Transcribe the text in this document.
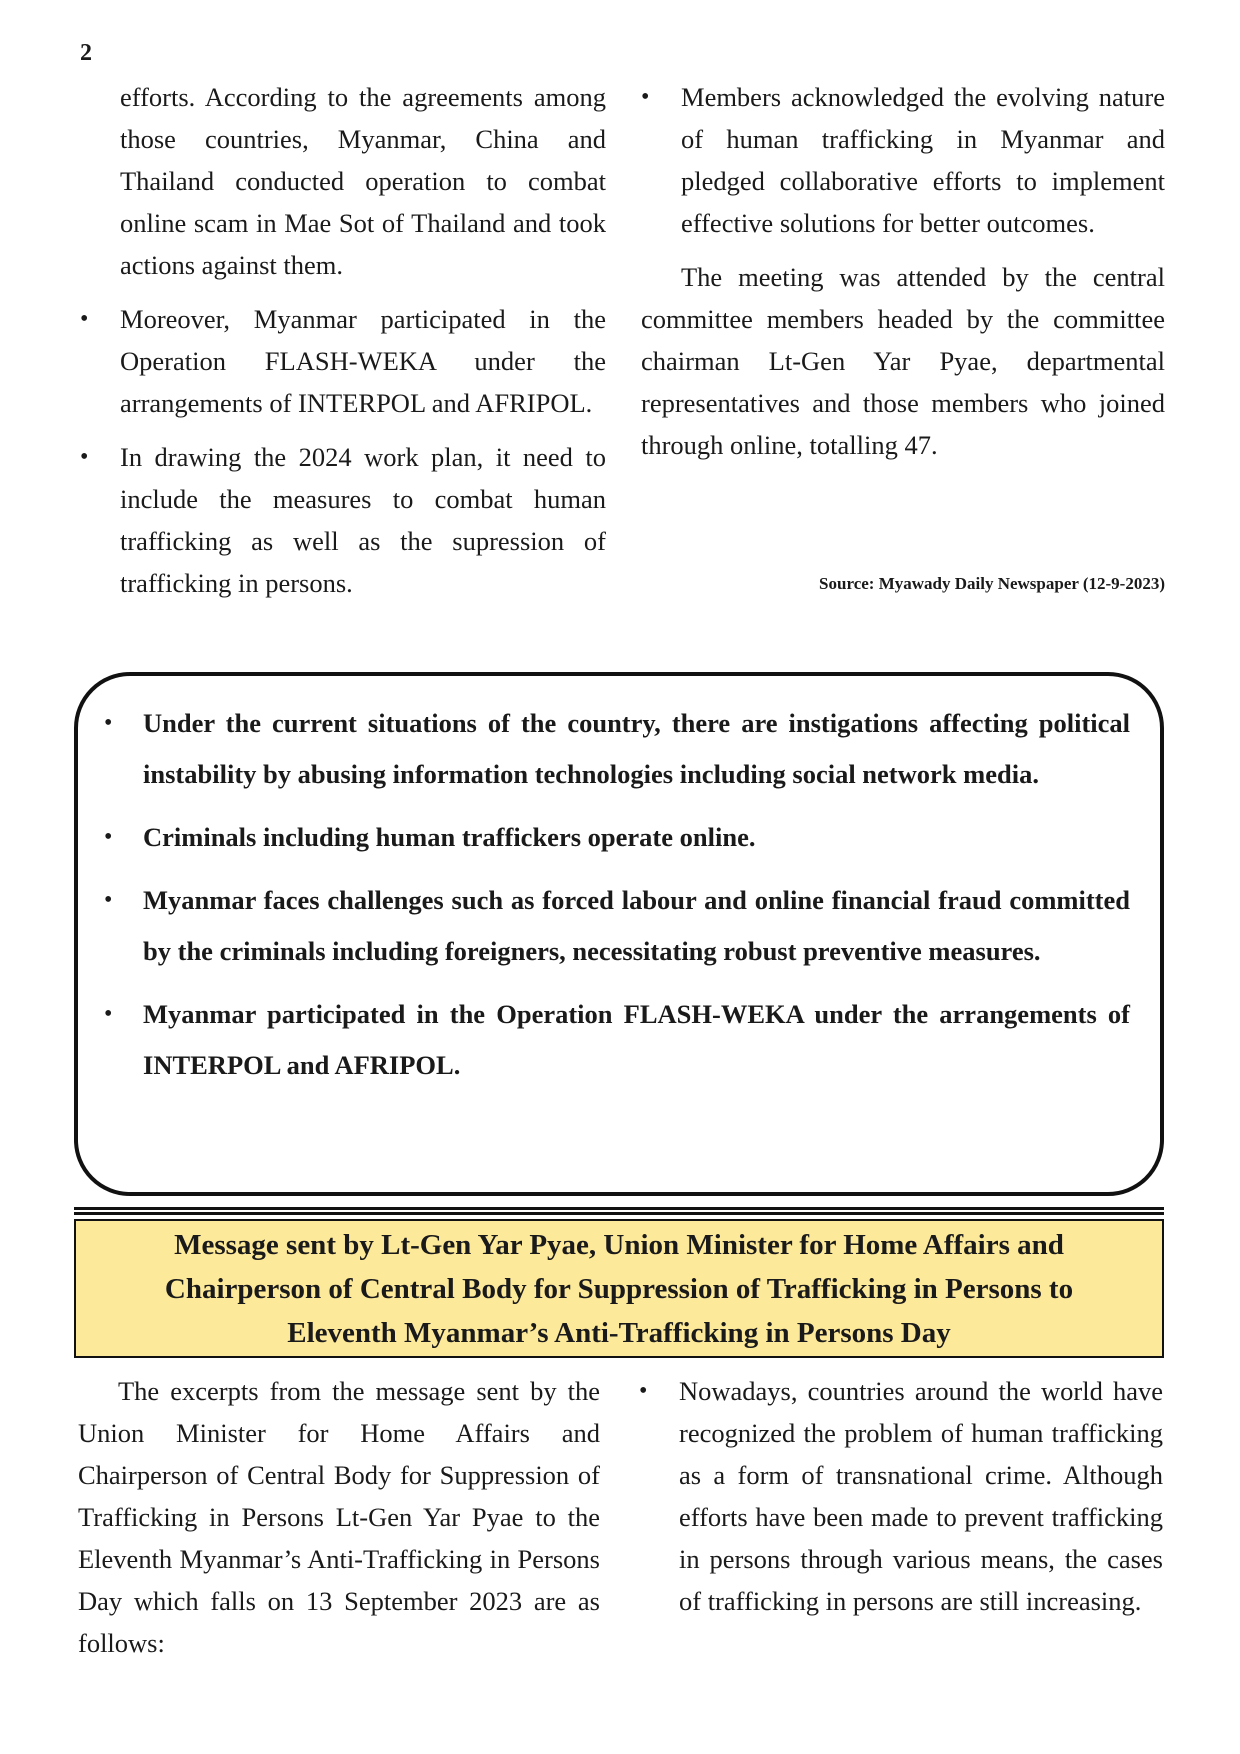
2

efforts. According to the agreements among those countries, Myanmar, China and Thailand conducted operation to combat online scam in Mae Sot of Thailand and took actions against them.

• Moreover, Myanmar participated in the Operation FLASH-WEKA under the arrangements of INTERPOL and AFRIPOL.
• In drawing the 2024 work plan, it need to include the measures to combat human trafficking as well as the supression of trafficking in persons.
• Members acknowledged the evolving nature of human trafficking in Myanmar and pledged collaborative efforts to implement effective solutions for better outcomes.

The meeting was attended by the central committee members headed by the committee chairman Lt-Gen Yar Pyae, departmental representatives and those members who joined through online, totalling 47.

Source: Myawady Daily Newspaper (12-9-2023)
• Under the current situations of the country, there are instigations affecting political instability by abusing information technologies including social network media.
• Criminals including human traffickers operate online.
• Myanmar faces challenges such as forced labour and online financial fraud committed by the criminals including foreigners, necessitating robust preventive measures.
• Myanmar participated in the Operation FLASH-WEKA under the arrangements of INTERPOL and AFRIPOL.
Message sent by Lt-Gen Yar Pyae, Union Minister for Home Affairs and Chairperson of Central Body for Suppression of Trafficking in Persons to Eleventh Myanmar’s Anti-Trafficking in Persons Day

The excerpts from the message sent by the Union Minister for Home Affairs and Chairperson of Central Body for Suppression of Trafficking in Persons Lt-Gen Yar Pyae to the Eleventh Myanmar’s Anti-Trafficking in Persons Day which falls on 13 September 2023 are as follows:

• Nowadays, countries around the world have recognized the problem of human trafficking as a form of transnational crime. Although efforts have been made to prevent trafficking in persons through various means, the cases of trafficking in persons are still increasing.
